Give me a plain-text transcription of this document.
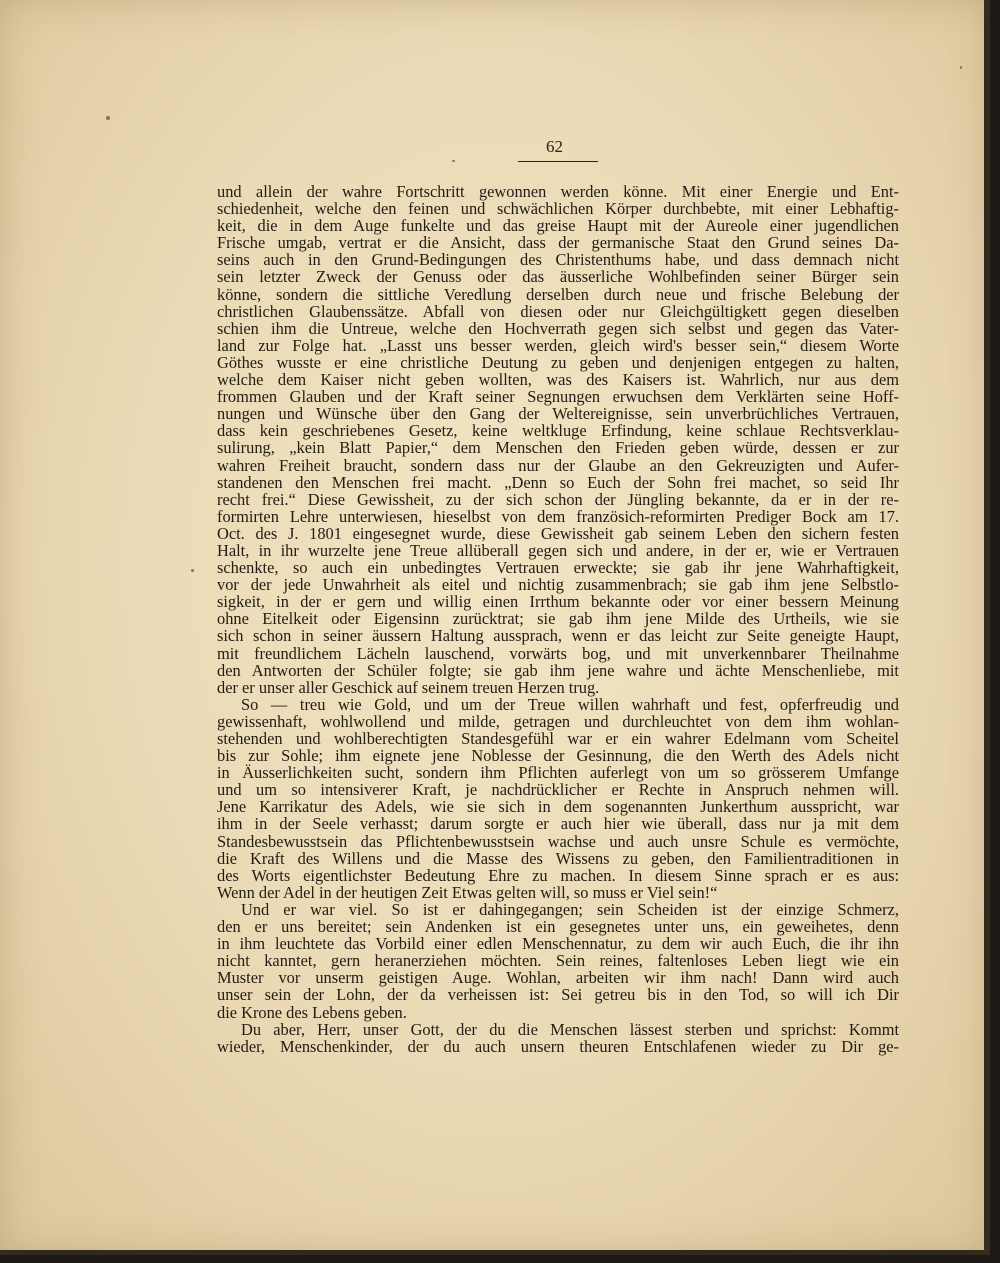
62
und allein der wahre Fortschritt gewonnen werden könne. Mit einer Energie und Ent-
schiedenheit, welche den feinen und schwächlichen Körper durchbebte, mit einer Lebhaftig-
keit, die in dem Auge funkelte und das greise Haupt mit der Aureole einer jugendlichen
Frische umgab, vertrat er die Ansicht, dass der germanische Staat den Grund seines Da-
seins auch in den Grund-Bedingungen des Christenthums habe, und dass demnach nicht
sein letzter Zweck der Genuss oder das äusserliche Wohlbefinden seiner Bürger sein
könne, sondern die sittliche Veredlung derselben durch neue und frische Belebung der
christlichen Glaubenssätze. Abfall von diesen oder nur Gleichgültigkett gegen dieselben
schien ihm die Untreue, welche den Hochverrath gegen sich selbst und gegen das Vater-
land zur Folge hat. „Lasst uns besser werden, gleich wird's besser sein,“ diesem Worte
Göthes wusste er eine christliche Deutung zu geben und denjenigen entgegen zu halten,
welche dem Kaiser nicht geben wollten, was des Kaisers ist. Wahrlich, nur aus dem
frommen Glauben und der Kraft seiner Segnungen erwuchsen dem Verklärten seine Hoff-
nungen und Wünsche über den Gang der Weltereignisse, sein unverbrüchliches Vertrauen,
dass kein geschriebenes Gesetz, keine weltkluge Erfindung, keine schlaue Rechtsverklau-
sulirung, „kein Blatt Papier,“ dem Menschen den Frieden geben würde, dessen er zur
wahren Freiheit braucht, sondern dass nur der Glaube an den Gekreuzigten und Aufer-
standenen den Menschen frei macht. „Denn so Euch der Sohn frei machet, so seid Ihr
recht frei.“ Diese Gewissheit, zu der sich schon der Jüngling bekannte, da er in der re-
formirten Lehre unterwiesen, hieselbst von dem französich-reformirten Prediger Bock am 17.
Oct. des J. 1801 eingesegnet wurde, diese Gewissheit gab seinem Leben den sichern festen
Halt, in ihr wurzelte jene Treue allüberall gegen sich und andere, in der er, wie er Vertrauen
schenkte, so auch ein unbedingtes Vertrauen erweckte; sie gab ihr jene Wahrhaftigkeit,
vor der jede Unwahrheit als eitel und nichtig zusammenbrach; sie gab ihm jene Selbstlo-
sigkeit, in der er gern und willig einen Irrthum bekannte oder vor einer bessern Meinung
ohne Eitelkeit oder Eigensinn zurücktrat; sie gab ihm jene Milde des Urtheils, wie sie
sich schon in seiner äussern Haltung aussprach, wenn er das leicht zur Seite geneigte Haupt,
mit freundlichem Lächeln lauschend, vorwärts bog, und mit unverkennbarer Theilnahme
den Antworten der Schüler folgte; sie gab ihm jene wahre und ächte Menschenliebe, mit
der er unser aller Geschick auf seinem treuen Herzen trug.
So — treu wie Gold, und um der Treue willen wahrhaft und fest, opferfreudig und
gewissenhaft, wohlwollend und milde, getragen und durchleuchtet von dem ihm wohlan-
stehenden und wohlberechtigten Standesgefühl war er ein wahrer Edelmann vom Scheitel
bis zur Sohle; ihm eignete jene Noblesse der Gesinnung, die den Werth des Adels nicht
in Äusserlichkeiten sucht, sondern ihm Pflichten auferlegt von um so grösserem Umfange
und um so intensiverer Kraft, je nachdrücklicher er Rechte in Anspruch nehmen will.
Jene Karrikatur des Adels, wie sie sich in dem sogenannten Junkerthum ausspricht, war
ihm in der Seele verhasst; darum sorgte er auch hier wie überall, dass nur ja mit dem
Standesbewusstsein das Pflichtenbewusstsein wachse und auch unsre Schule es vermöchte,
die Kraft des Willens und die Masse des Wissens zu geben, den Familientraditionen in
des Worts eigentlichster Bedeutung Ehre zu machen. In diesem Sinne sprach er es aus:
Wenn der Adel in der heutigen Zeit Etwas gelten will, so muss er Viel sein!“
Und er war viel. So ist er dahingegangen; sein Scheiden ist der einzige Schmerz,
den er uns bereitet; sein Andenken ist ein gesegnetes unter uns, ein geweihetes, denn
in ihm leuchtete das Vorbild einer edlen Menschennatur, zu dem wir auch Euch, die ihr ihn
nicht kanntet, gern heranerziehen möchten. Sein reines, faltenloses Leben liegt wie ein
Muster vor unserm geistigen Auge. Wohlan, arbeiten wir ihm nach! Dann wird auch
unser sein der Lohn, der da verheissen ist: Sei getreu bis in den Tod, so will ich Dir
die Krone des Lebens geben.
Du aber, Herr, unser Gott, der du die Menschen lässest sterben und sprichst: Kommt
wieder, Menschenkinder, der du auch unsern theuren Entschlafenen wieder zu Dir ge-
